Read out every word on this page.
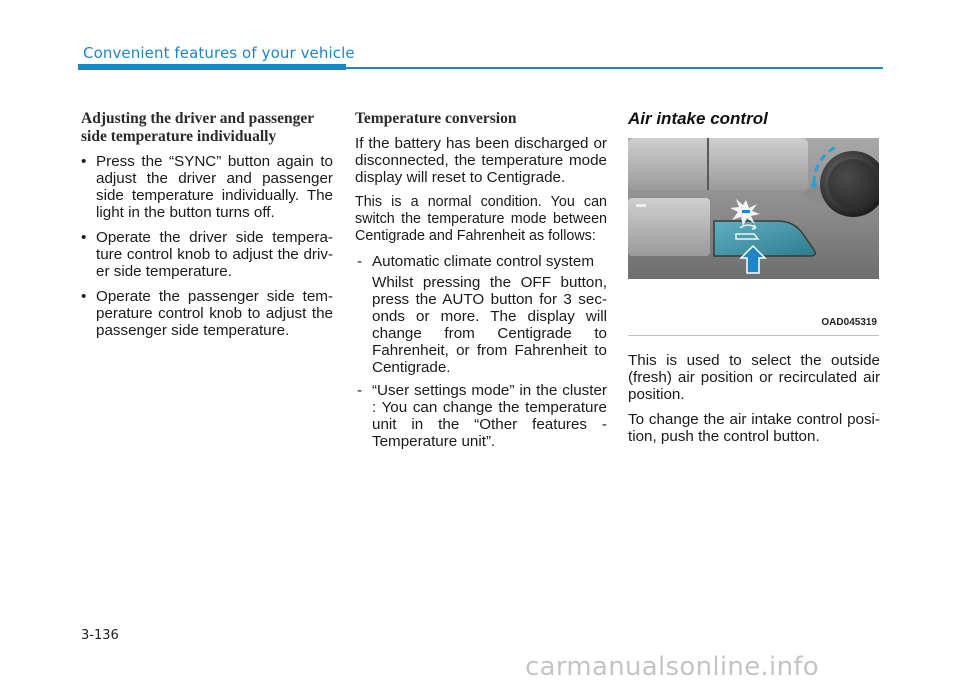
Convenient features of your vehicle
Adjusting the driver and passenger side temperature individually
• Press the “SYNC” button again to adjust the driver and passenger side temperature individually. The light in the button turns off.
• Operate the driver side tempera-ture control knob to adjust the driv-er side temperature.
• Operate the passenger side tem-perature control knob to adjust the passenger side temperature.
Temperature conversion

If the battery has been discharged or disconnected, the temperature mode display will reset to Centigrade.

This is a normal condition. You can switch the temperature mode between Centigrade and Fahrenheit as follows:

- Automatic climate control system
Whilst pressing the OFF button, press the AUTO button for 3 sec-onds or more. The display will change from Centigrade to Fahrenheit, or from Fahrenheit to Centigrade.
- “User settings mode” in the cluster : You can change the temperature unit in the “Other features - Temperature unit”.
Air intake control
OAD045319

This is used to select the outside (fresh) air position or recirculated air position.

To change the air intake control posi-tion, push the control button.

3-136
carmanualsonline.info
